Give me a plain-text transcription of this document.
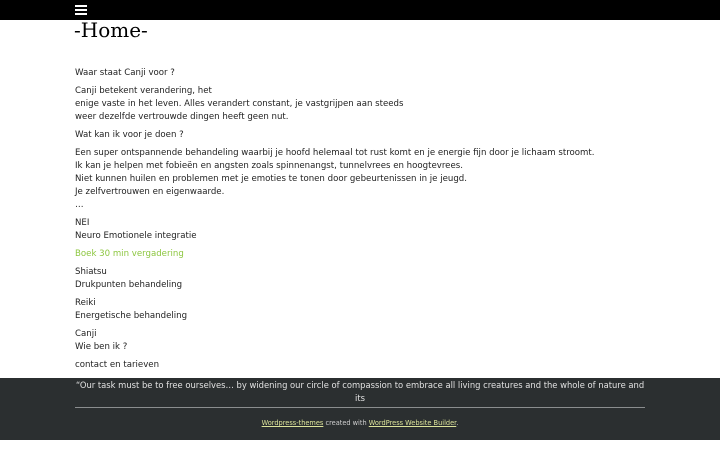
-Home-

Waar staat Canji voor ?

Canji betekent verandering, het

enige vaste in het leven. Alles verandert constant, je vastgrijpen aan steeds

weer dezelfde vertrouwde dingen heeft geen nut.

Wat kan ik voor je doen ?

Een super ontspannende behandeling waarbij je hoofd helemaal tot rust komt en je energie fijn door je lichaam stroomt.

Ik kan je helpen met fobieën en angsten zoals spinnenangst, tunnelvrees en hoogtevrees.

Niet kunnen huilen en problemen met je emoties te tonen door gebeurtenissen in je jeugd.

Je zelfvertrouwen en eigenwaarde.

…

NEI

Neuro Emotionele integratie

Boek 30 min vergadering

Shiatsu

Drukpunten behandeling

Reiki

Energetische behandeling

Canji

Wie ben ik ?

contact en tarieven

“Our task must be to free ourselves… by widening our circle of compassion to embrace all living creatures and the whole of nature and its
Wordpress-themes created with WordPress Website Builder.
